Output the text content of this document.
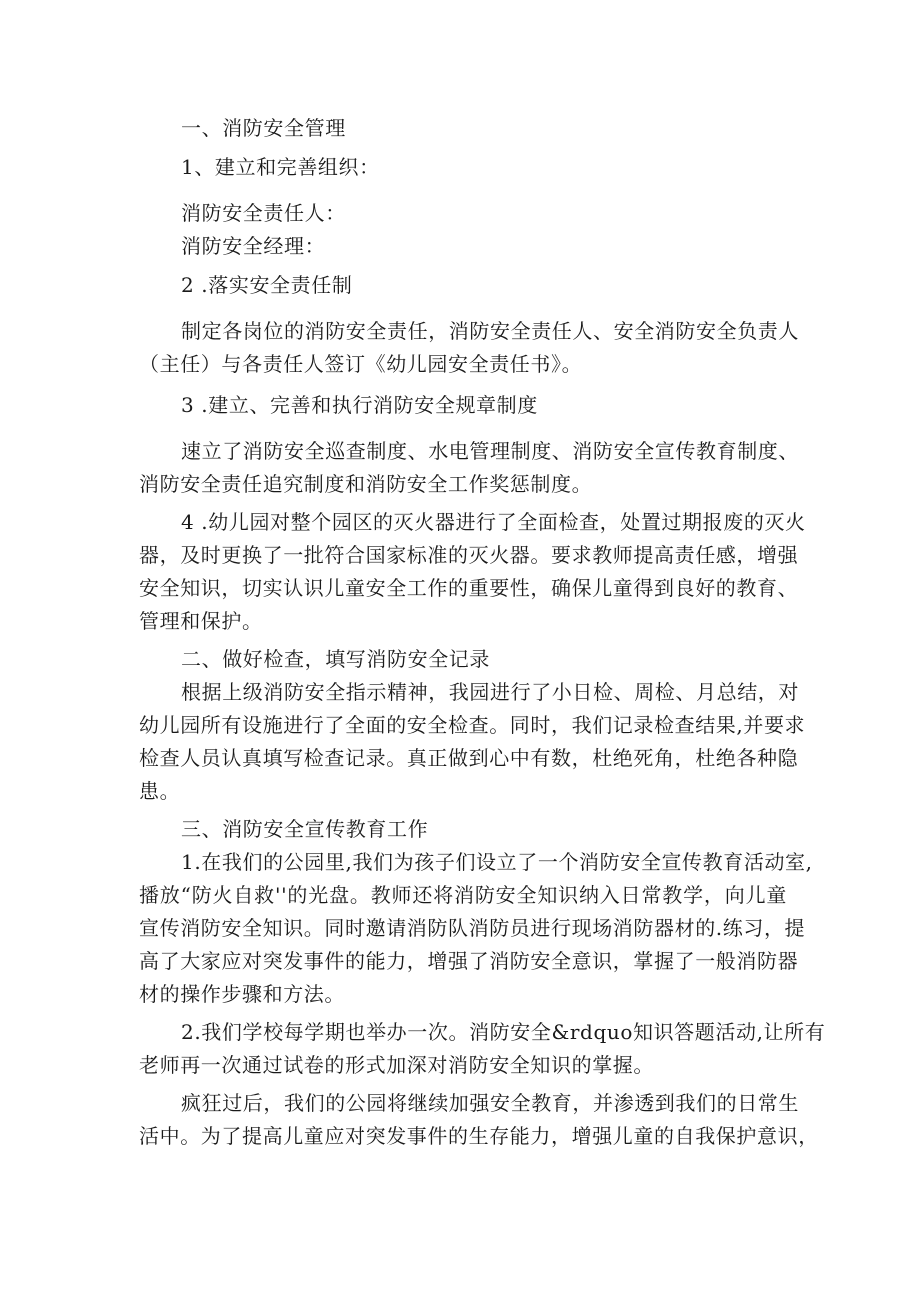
一、消防安全管理
1、建立和完善组织：
消防安全责任人：
消防安全经理：
2 .落实安全责任制
制定各岗位的消防安全责任，消防安全责任人、安全消防安全负责人
（主任）与各责任人签订《幼儿园安全责任书》。
3 .建立、完善和执行消防安全规章制度
速立了消防安全巡查制度、水电管理制度、消防安全宣传教育制度、
消防安全责任追究制度和消防安全工作奖惩制度。
4 .幼儿园对整个园区的灭火器进行了全面检查，处置过期报废的灭火
器，及时更换了一批符合国家标准的灭火器。要求教师提高责任感，增强
安全知识，切实认识儿童安全工作的重要性，确保儿童得到良好的教育、
管理和保护。
二、做好检查，填写消防安全记录
根据上级消防安全指示精神，我园进行了小日检、周检、月总结，对
幼儿园所有设施进行了全面的安全检查。同时，我们记录检查结果,并要求
检查人员认真填写检查记录。真正做到心中有数，杜绝死角，杜绝各种隐
患。
三、消防安全宣传教育工作
1.在我们的公园里,我们为孩子们设立了一个消防安全宣传教育活动室,
播放“防火自救''的光盘。教师还将消防安全知识纳入日常教学，向儿童
宣传消防安全知识。同时邀请消防队消防员进行现场消防器材的.练习，提
高了大家应对突发事件的能力，增强了消防安全意识，掌握了一般消防器
材的操作步骤和方法。
2.我们学校每学期也举办一次。消防安全&rdquo知识答题活动,让所有
老师再一次通过试卷的形式加深对消防安全知识的掌握。
疯狂过后，我们的公园将继续加强安全教育，并渗透到我们的日常生
活中。为了提高儿童应对突发事件的生存能力，增强儿童的自我保护意识，
